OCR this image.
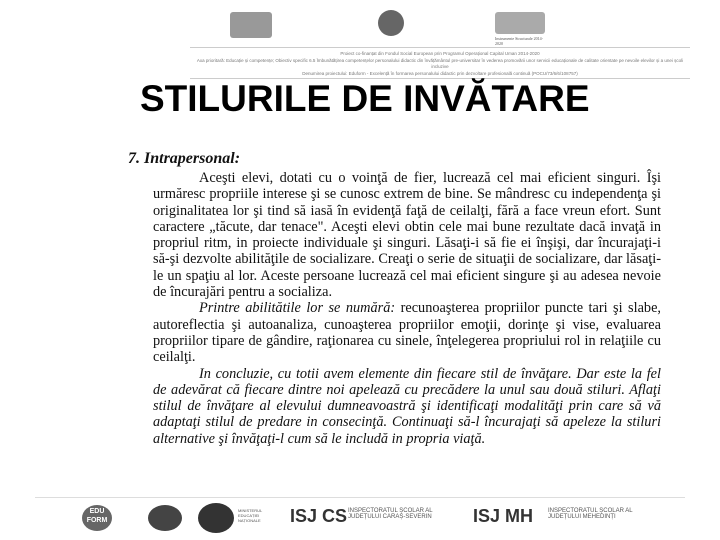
Instrumente Structurale 2014-2020
Proiect co-finanțat din Fondul Social European prin Programul Operațional Capital Uman 2014-2020
Axa prioritară: Educație și competențe; Obiectiv specific 6.5 Îmbunătățirea competențelor personalului didactic din învățământul pre-universitar în vederea promovării unor servicii educaționale de calitate orientate pe nevoile elevilor și a unei școli incluzive
Denumirea proiectului: Eduform - Excelență în formarea personalului didactic prin dezvoltare profesională continuă (POCU/73/6/6/108757)
STILURILE DE INVĂTARE
7. Intrapersonal:

Aceşti elevi, dotati cu o voinţă de fier, lucrează cel mai eficient singuri. Îşi urmăresc propriile interese şi se cunosc extrem de bine. Se mândresc cu independenţa şi originalitatea lor şi tind să iasă în evidenţă faţă de ceilalţi, fără a face vreun efort. Sunt caractere „tăcute, dar tenace". Aceşti elevi obtin cele mai bune rezultate dacă invaţă in propriul ritm, in proiecte individuale şi singuri. Lăsaţi-i să fie ei înşişi, dar încurajaţi-i să-şi dezvolte abilităţile de socializare. Creaţi o serie de situaţii de socializare, dar lăsaţi-le un spaţiu al lor. Aceste persoane lucrează cel mai eficient singure şi au adesea nevoie de încurajări pentru a socializa.

Printre abilitătile lor se numără: recunoaşterea propriilor puncte tari şi slabe, autoreflectia şi autoanaliza, cunoaşterea propriilor emoţii, dorinţe şi vise, evaluarea propriilor tipare de gândire, raţionarea cu sinele, înţelegerea propriului rol in relaţiile cu ceilalţi.

In concluzie, cu totii avem elemente din fiecare stil de învăţare. Dar este la fel de adevărat că fiecare dintre noi apelează cu precădere la unul sau două stiluri. Aflaţi stilul de învăţare al elevului dumneavoastră şi identificaţi modalităţi prin care să vă adaptaţi stilul de predare in consecinţă. Continuaţi să-l încurajaţi să apeleze la stiluri alternative şi învăţaţi-l cum să le includă in propria viaţă.

EDU FORM
MINISTERUL EDUCAȚIEI NAȚIONALE	ISJ CS INSPECTORATUL ȘCOLAR AL JUDEȚULUI CARAȘ-SEVERIN	ISJ MH INSPECTORATUL ȘCOLAR AL JUDEȚULUI MEHEDINȚI
